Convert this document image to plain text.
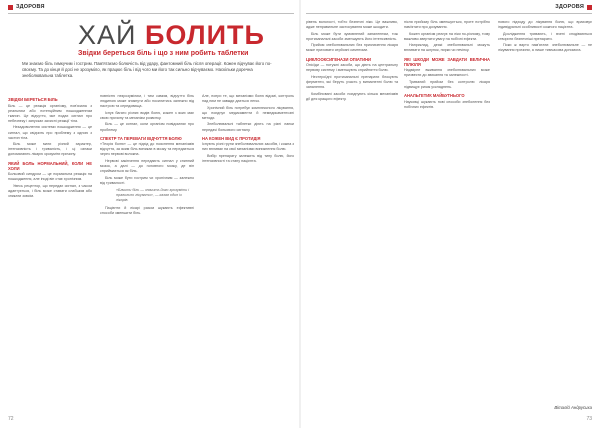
ЗДОРОВЯ	ЗДОРОВЯ
ХАЙ БОЛИТЬ
Звідки береться біль і що з ним робить таблетки
Ми знаємо біль гимкучим і гострим. Пам'ятаємо болючість від удару, фантомний біль після операції. Кожен відчуває його по-своєму. Та до кінця й досі не зрозуміло, як працює біль і від чого ми його так сильно відчуваємо. Наскільки доречна знеболювальна таблетка.
ЗВІДКИ БЕРЕТЬСЯ БІЛЬ

Біль — це реакція організму, пов'язана з реальним або потенційним пошкодженням тканин. Це відчуття, яке подає сигнал про небезпеку і запускає захисні реакції тіла.

Незадоволення системи пошкодження — це сигнал, що свідчить про проблему з одною з частин тіла.

Біль може мати різний характер, інтенсивність і тривалість, і ці ознаки допомагають лікарю зрозуміти причину.

ЯКИЙ БОЛЬ НОРМАЛЬНИЙ, КОЛИ НЕ ХОЛИ

Больовий синдром — це нормальна реакція на пошкодження, але іноді він стає хронічним.

Увесь рецептор, що передає сигнал, з часом адаптується, і біль може ставати слабшим або зникати зовсім.

повністю незрозумілим, і тим самим, відчуття біль людиною може зникнути або посилитись залежно від настрою та середовища.

Існує багато різних видів болю, кожен з яких має свою причину та механізм розвитку.

Біль — це сигнал, коли організм повідомляє про проблему.

СПЕКТР ТА ПЕРЕВАГИ ВІДЧУТТЯ БОЛЮ

«Теорія болю» — це підхід до пояснення механізмів відчуття, за яким біль виникає в мозку та передається через нервові волокна.

Нервові закінчення передають сигнал у спинний мозок, а далі — до головного мозку, де він сприймається як біль.

Біль може бути гострим чи хронічним — залежно від тривалості.

«Бачити біль — значить його зрозуміти і правильно лікувати», — казав один із лікарів.

Пацієнти й лікарі разом шукають ефективні способи зменшити біль.

Але, попри те, що механізми болю відомі, контроль над ним не завжди дається легко.

Хронічний біль потребує комплексного лікування, що поєднує медикаменти й немедикаментозні методи.

Знеболювальні таблетки діють на різні ланки передачі больового сигналу.

НА КОЖЕН ВИД Є ПРОТИДІЯ

Існують різні групи знеболювальних засобів, і кожна з них впливає на свої механізми виникнення болю.

Вибір препарату залежить від типу болю, його інтенсивності та стану пацієнта.

рівень вологості, тобто безпечні ліки. Це важливо, адже неправильне застосування може шкодити.

Біль може бути зумовлений запаленням, тож протизапальні засоби зменшують його інтенсивність.

Прийом знеболювальних без призначення лікаря може приховати серйозні симптоми.

ЦИКЛООКСИГЕНАЗИ ОПІАТИНИ

Опіоїди — потужні засоби, що діють на центральну нервову систему і зменшують сприйняття болю.

Нестероїдні протизапальні препарати блокують ферменти, які беруть участь у виникненні болю та запалення.

Комбіновані засоби поєднують кілька механізмів дії для кращого ефекту.

після прийому біль зменшується, проте потрібно пам'ятати про дозування.

Кожен організм реагує на ліки по-різному, тому важливо звертати увагу на побічні ефекти.

Наприклад, деякі знеболювальні можуть впливати на шлунок, нирки чи печінку.

ЯКІ ШКОДИ МОЖЕ ЗАВДАТИ ВЕЛИЧНА ПІЛЮЛЯ

Надмірне вживання знеболювальних може призвести до звикання та залежності.

Тривалий прийом без контролю лікаря підвищує ризик ускладнень.

АНАЛЬГЕТИК МАЙБУТНЬОГО

Науковці шукають нові способи знеболення без побічних ефектів.

нового підходу до лікування болю, що враховує індивідуальні особливості кожного пацієнта.

Дослідження тривають, і вчені сподіваються створити безпечніші препарати.

Поки ж варто пам'ятати: знеболювальне — не лікування причини, а лише тимчасова допомога.

Віталій Андрусиха
72	73
